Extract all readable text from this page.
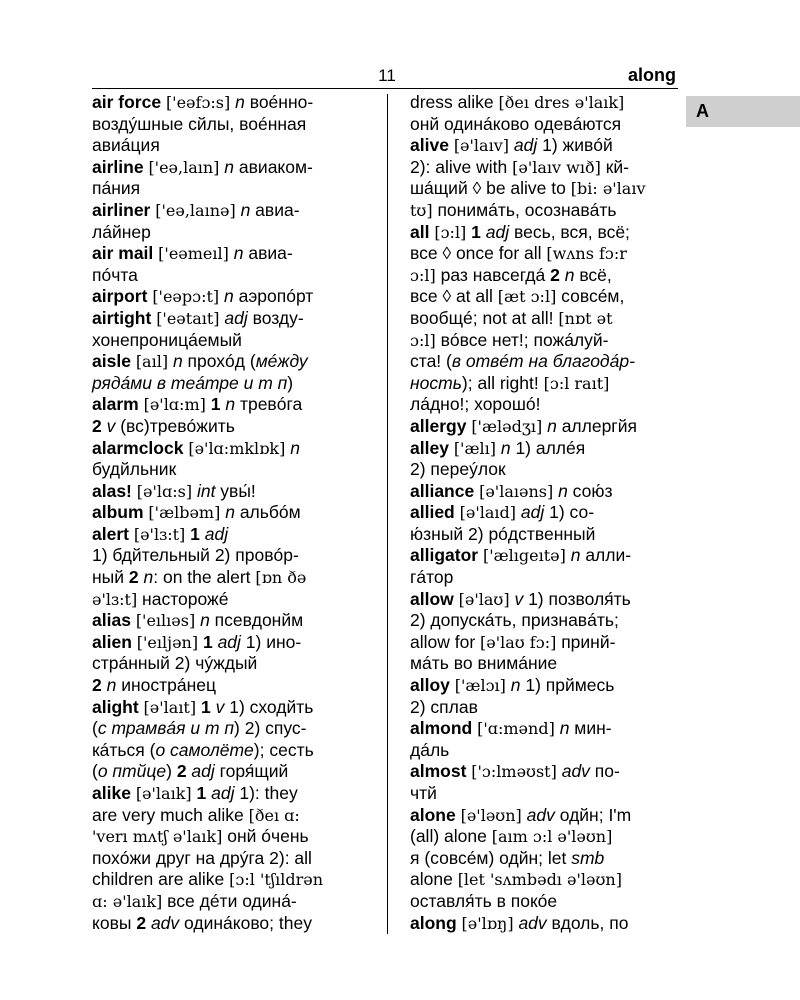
11	along
A
air force ['eəfɔ:s] n воéнно-
воздýшные сйлы, воéнная
авиáция
airline ['eə,laın] n авиаком-
пáния
airliner ['eə,laınə] n авиа-
лáйнер
air mail ['eəmeıl] n авиа-
пóчта
airport ['eəpɔ:t] n аэропóрт
airtight ['eətaıt] adj возду-
хонепроницáемый
aisle [aıl] n прохóд (мéжду
рядáми в теáтре и т п)
alarm [ə'lɑ:m] 1 n тревóга
2 v (вс)тревóжить
alarmclock [ə'lɑ:mklɒk] n
будйльник
alas! [ə'lɑ:s] int увы́!
album ['ælbəm] n альбóм
alert [ə'lɜ:t] 1 adj
1) бдйтельный 2) провóр-
ный 2 n: on the alert [ɒn ðə
ə'lɜ:t] насторожé
alias ['eılıəs] n псевдонйм
alien ['eıljən] 1 adj 1) инo-
стрáнный 2) чýждый
2 n инострáнец
alight [ə'laıt] 1 v 1) сходйть
(с трамвáя и т п) 2) спус-
кáться (о самолёте); сесть
(о птйце) 2 adj горя́щий
alike [ə'laık] 1 adj 1): they
are very much alike [ðeı ɑ:
'verı mʌtʃ ə'laık] онй óчень
похóжи друг на дрýга 2): all
children are alike [ɔ:l 'tʃıldrən
ɑ: ə'laık] все дéти одинá-
ковы 2 adv одинáково; they
dress alike [ðeı dres ə'laık]
онй одинáково одевáются
alive [ə'laıv] adj 1) живóй
2): alive with [ə'laıv wıð] кй-
шáщий ◊ be alive to [bi: ə'laıv
tʊ] понимáть, осознавáть
all [ɔ:l] 1 adj весь, вся, всё;
все ◊ once for all [wʌns fɔ:r
ɔ:l] раз навсегдá 2 n всё,
все ◊ at all [æt ɔ:l] совсéм,
вообщé; not at all! [nɒt ət
ɔ:l] вóвсе нет!; пожáлуй-
ста! (в отвéт на благодáр-
ность); all right! [ɔ:l raıt]
лáдно!; хорошó!
allergy ['ælədʒı] n аллергйя
alley ['ælı] n 1) аллéя
2) переýлок
alliance [ə'laıəns] n сою́з
allied [ə'laıd] adj 1) со-
ю́зный 2) рóдственный
alligator ['ælıgeıtə] n алли-
гáтор
allow [ə'laʊ] v 1) позволя́ть
2) допускáть, признавáть;
allow for [ə'laʊ fɔ:] принй-
мáть во внимáние
alloy ['ælɔı] n 1) прймесь
2) сплав
almond ['ɑ:mənd] n мин-
дáль
almost ['ɔ:lməʊst] adv по-
чтй
alone [ə'ləʊn] adv одйн; I'm
(all) alone [aım ɔ:l ə'ləʊn]
я (совсéм) одйн; let smb
alone [let 'sʌmbədı ə'ləʊn]
оставля́ть в покóе
along [ə'lɒŋ] adv вдоль, по
